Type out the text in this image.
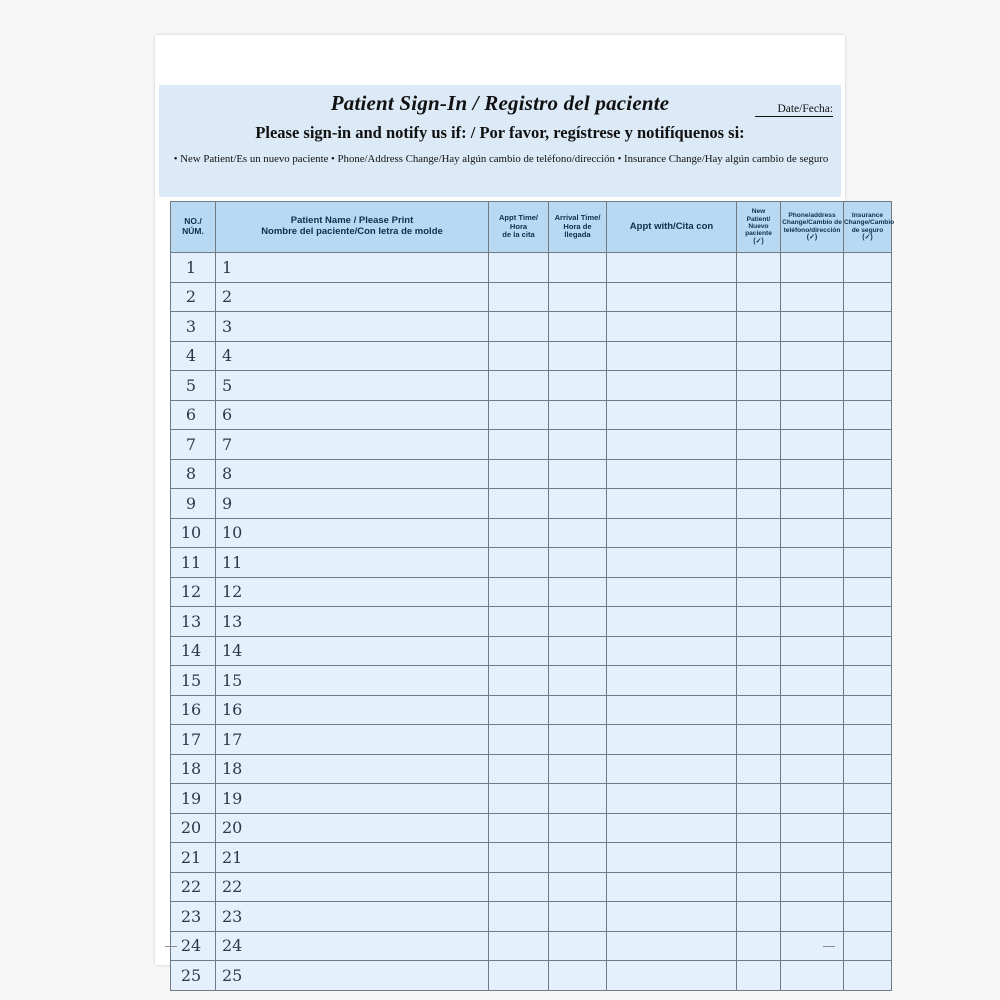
Patient Sign-In / Registro del paciente	Date/Fecha:
Please sign-in and notify us if: / Por favor, regístrese y notifíquenos si:
• New Patient/Es un nuevo paciente • Phone/Address Change/Hay algún cambio de teléfono/dirección • Insurance Change/Hay algún cambio de seguro
NO./
NÚM.	Patient Name / Please Print
Nombre del paciente/Con letra de molde	Appt Time/
Hora
de la cita	Arrival Time/
Hora de
llegada	Appt with/Cita con	New
Patient/
Nuevo
paciente
(✓)	Phone/address
Change/Cambio de
teléfono/dirección
(✓)	Insurance
Change/Cambio
de seguro
(✓)

1	1						

2	2						

3	3						

4	4						

5	5						

6	6						

7	7						

8	8						

9	9						

10	10						

11	11						

12	12						

13	13						

14	14						

15	15						

16	16						

17	17						

18	18						

19	19						

20	20						

21	21						

22	22						

23	23						

24	24						

25	25						
